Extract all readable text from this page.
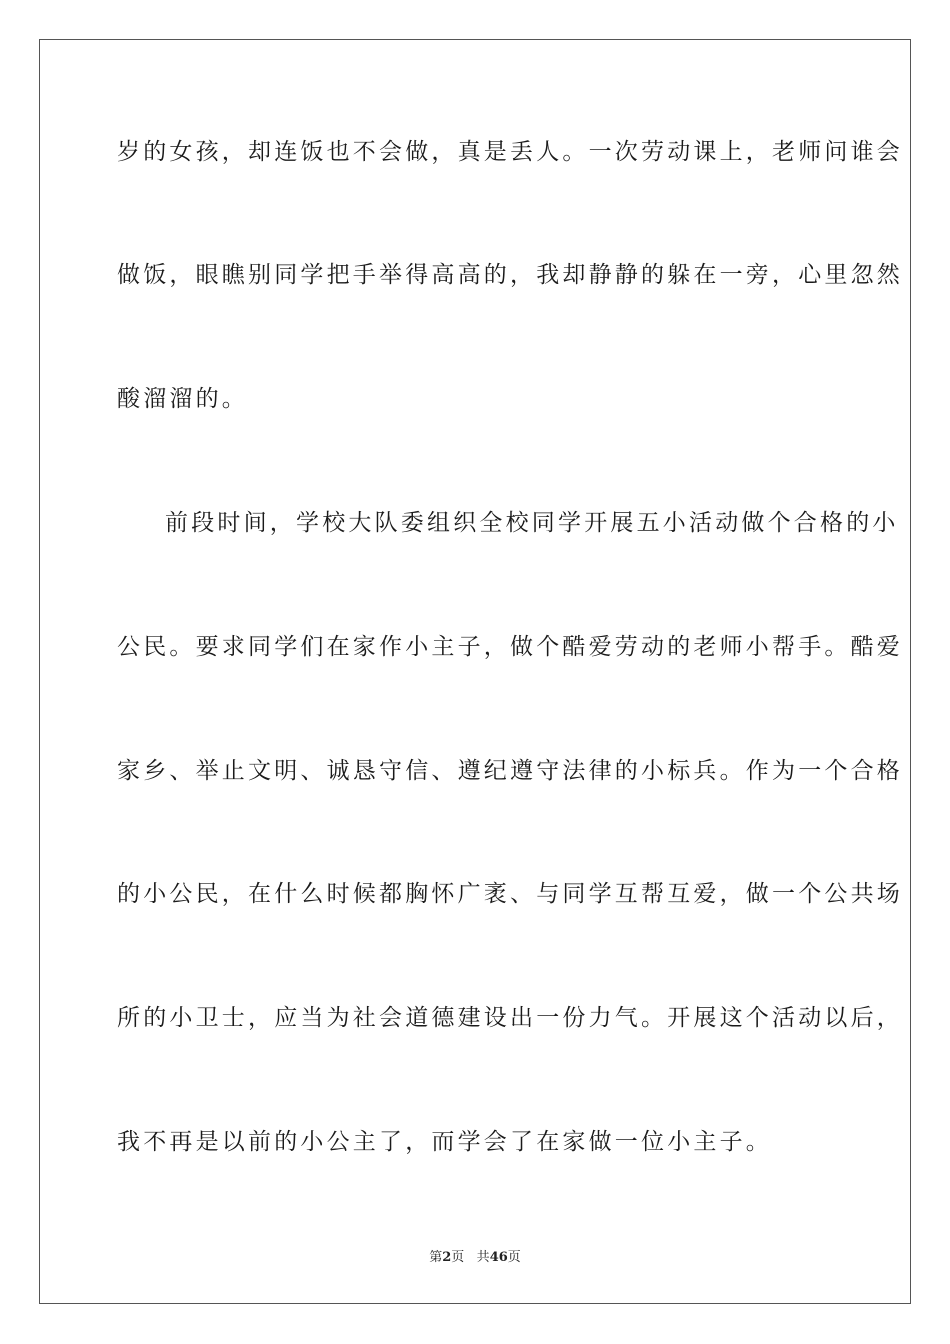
岁的女孩，却连饭也不会做，真是丢人。一次劳动课上，老师问谁会
做饭，眼瞧别同学把手举得高高的，我却静静的躲在一旁，心里忽然
酸溜溜的。
前段时间，学校大队委组织全校同学开展五小活动做个合格的小
公民。要求同学们在家作小主子，做个酷爱劳动的老师小帮手。酷爱
家乡、举止文明、诚恳守信、遵纪遵守法律的小标兵。作为一个合格
的小公民，在什么时候都胸怀广袤、与同学互帮互爱，做一个公共场
所的小卫士，应当为社会道德建设出一份力气。开展这个活动以后，
我不再是以前的小公主了，而学会了在家做一位小主子。
第2页 共46页
